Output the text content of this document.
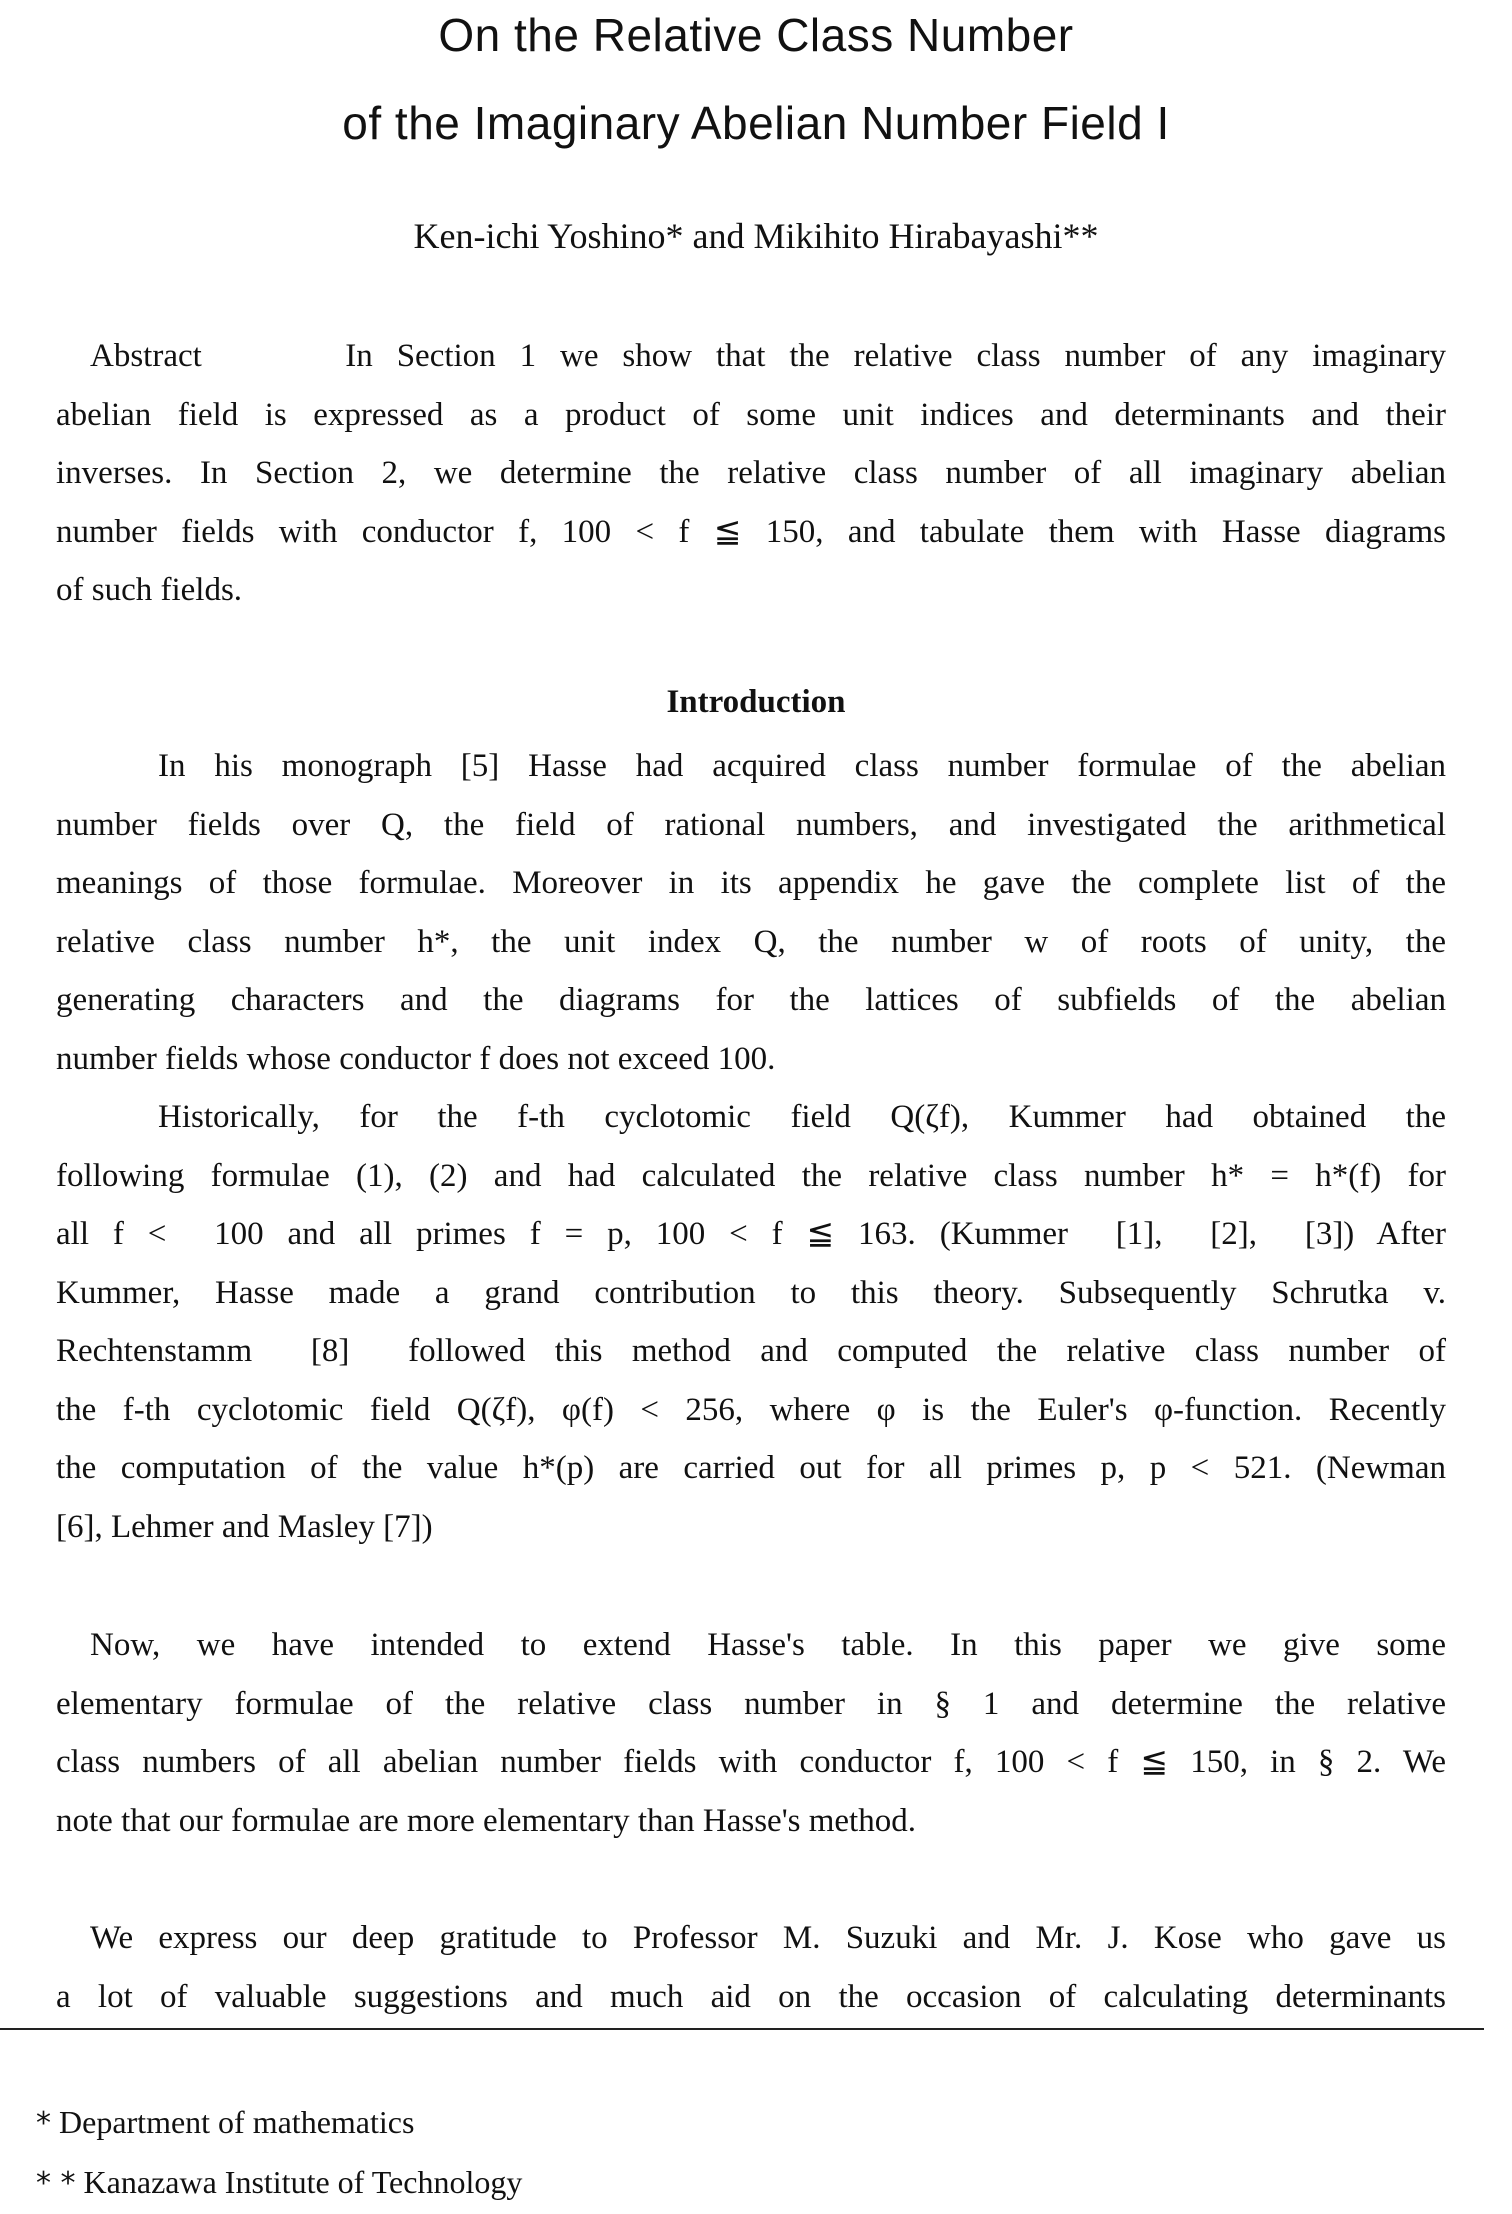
On the Relative Class Number
of the Imaginary Abelian Number Field I
Ken-ichi Yoshino* and Mikihito Hirabayashi**
Abstract      In Section 1 we show that the relative class number of any imaginary
abelian field is expressed as a product of some unit indices and determinants and their
inverses. In Section 2, we determine the relative class number of all imaginary abelian
number fields with conductor f, 100 < f ≦ 150, and tabulate them with Hasse diagrams
of such fields.
Introduction
In his monograph [5] Hasse had acquired class number formulae of the abelian
number fields over Q, the field of rational numbers, and investigated the arithmetical
meanings of those formulae. Moreover in its appendix he gave the complete list of the
relative class number h*, the unit index Q, the number w of roots of unity, the
generating characters and the diagrams for the lattices of subfields of the abelian
number fields whose conductor f does not exceed 100.
Historically, for the f-th cyclotomic field Q(ζf), Kummer had obtained the
following formulae (1), (2) and had calculated the relative class number h* = h*(f) for
all f <  100 and all primes f = p, 100 < f ≦ 163. (Kummer  [1],  [2],  [3]) After
Kummer, Hasse made a grand contribution to this theory. Subsequently Schrutka v.
Rechtenstamm  [8]  followed this method and computed the relative class number of
the f-th cyclotomic field Q(ζf), φ(f) < 256, where φ is the Euler's φ-function. Recently
the computation of the value h*(p) are carried out for all primes p, p < 521. (Newman
[6], Lehmer and Masley [7])
Now, we have intended to extend Hasse's table. In this paper we give some
elementary formulae of the relative class number in § 1 and determine the relative
class numbers of all abelian number fields with conductor f, 100 < f ≦ 150, in § 2. We
note that our formulae are more elementary than Hasse's method.
We express our deep gratitude to Professor M. Suzuki and Mr. J. Kose who gave us
a lot of valuable suggestions and much aid on the occasion of calculating determinants
* Department of mathematics
* * Kanazawa Institute of Technology
